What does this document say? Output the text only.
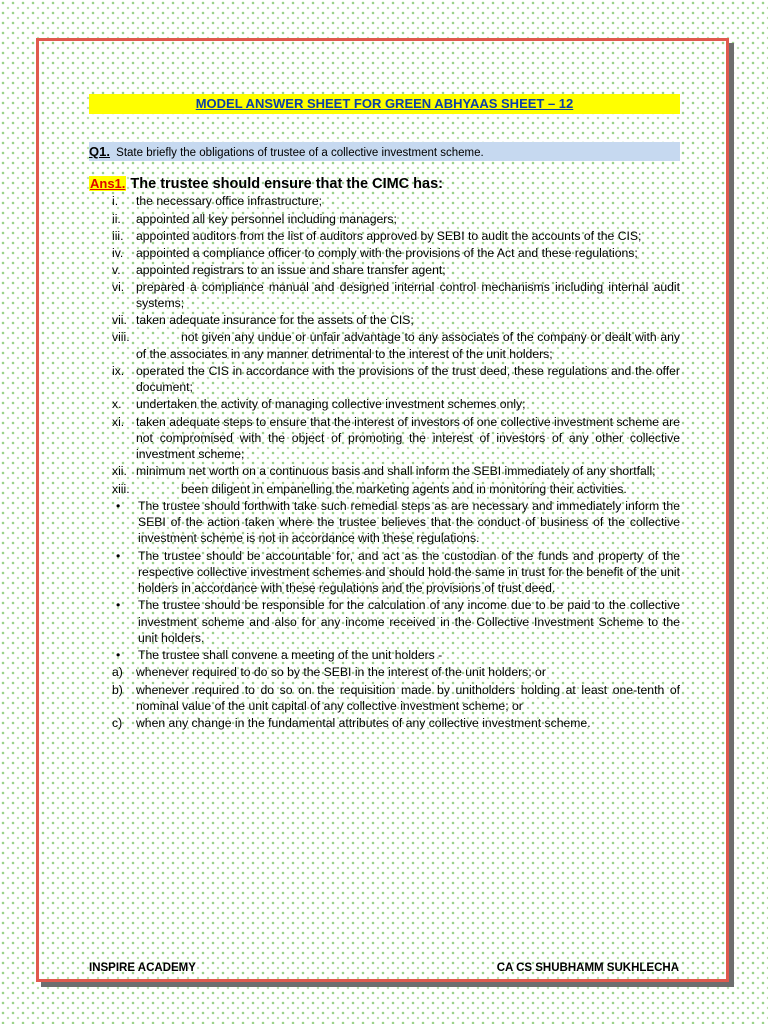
MODEL ANSWER SHEET FOR GREEN ABHYAAS SHEET – 12
Q1. State briefly the obligations of trustee of a collective investment scheme.
Ans1. The trustee should ensure that the CIMC has:
i.	the necessary office infrastructure;
ii.	appointed all key personnel including managers;
iii.	appointed auditors from the list of auditors approved by SEBI to audit the accounts of the CIS;
iv.	appointed a compliance officer to comply with the provisions of the Act and these regulations;
v.	appointed registrars to an issue and share transfer agent;
vi. prepared a compliance manual and designed internal control mechanisms including internal audit systems;
vii. taken adequate insurance for the assets of the CIS;
viii.	not given any undue or unfair advantage to any associates of the company or dealt with any of the associates in any manner detrimental to the interest of the unit holders;
ix. operated the CIS in accordance with the provisions of the trust deed, these regulations and the offer document;
x.	undertaken the activity of managing collective investment schemes only;
xi. taken adequate steps to ensure that the interest of investors of one collective investment scheme are not compromised with the object of promoting the interest of investors of any other collective investment scheme;
xii. minimum net worth on a continuous basis and shall inform the SEBI immediately of any shortfall;
xiii.	been diligent in empanelling the marketing agents and in monitoring their activities.
•	The trustee should forthwith take such remedial steps as are necessary and immediately inform the SEBI of the action taken where the trustee believes that the conduct of business of the collective investment scheme is not in accordance with these regulations.
•	The trustee should be accountable for, and act as the custodian of the funds and property of the respective collective investment schemes and should hold the same in trust for the benefit of the unit holders in accordance with these regulations and the provisions of trust deed.
•	The trustee should be responsible for the calculation of any income due to be paid to the collective investment scheme and also for any income received in the Collective Investment Scheme to the unit holders.
•	The trustee shall convene a meeting of the unit holders -
a)	whenever required to do so by the SEBI in the interest of the unit holders; or
b)	whenever required to do so on the requisition made by unitholders holding at least one-tenth of nominal value of the unit capital of any collective investment scheme; or
c)	when any change in the fundamental attributes of any collective investment scheme.
INSPIRE ACADEMY	CA CS SHUBHAMM SUKHLECHA
